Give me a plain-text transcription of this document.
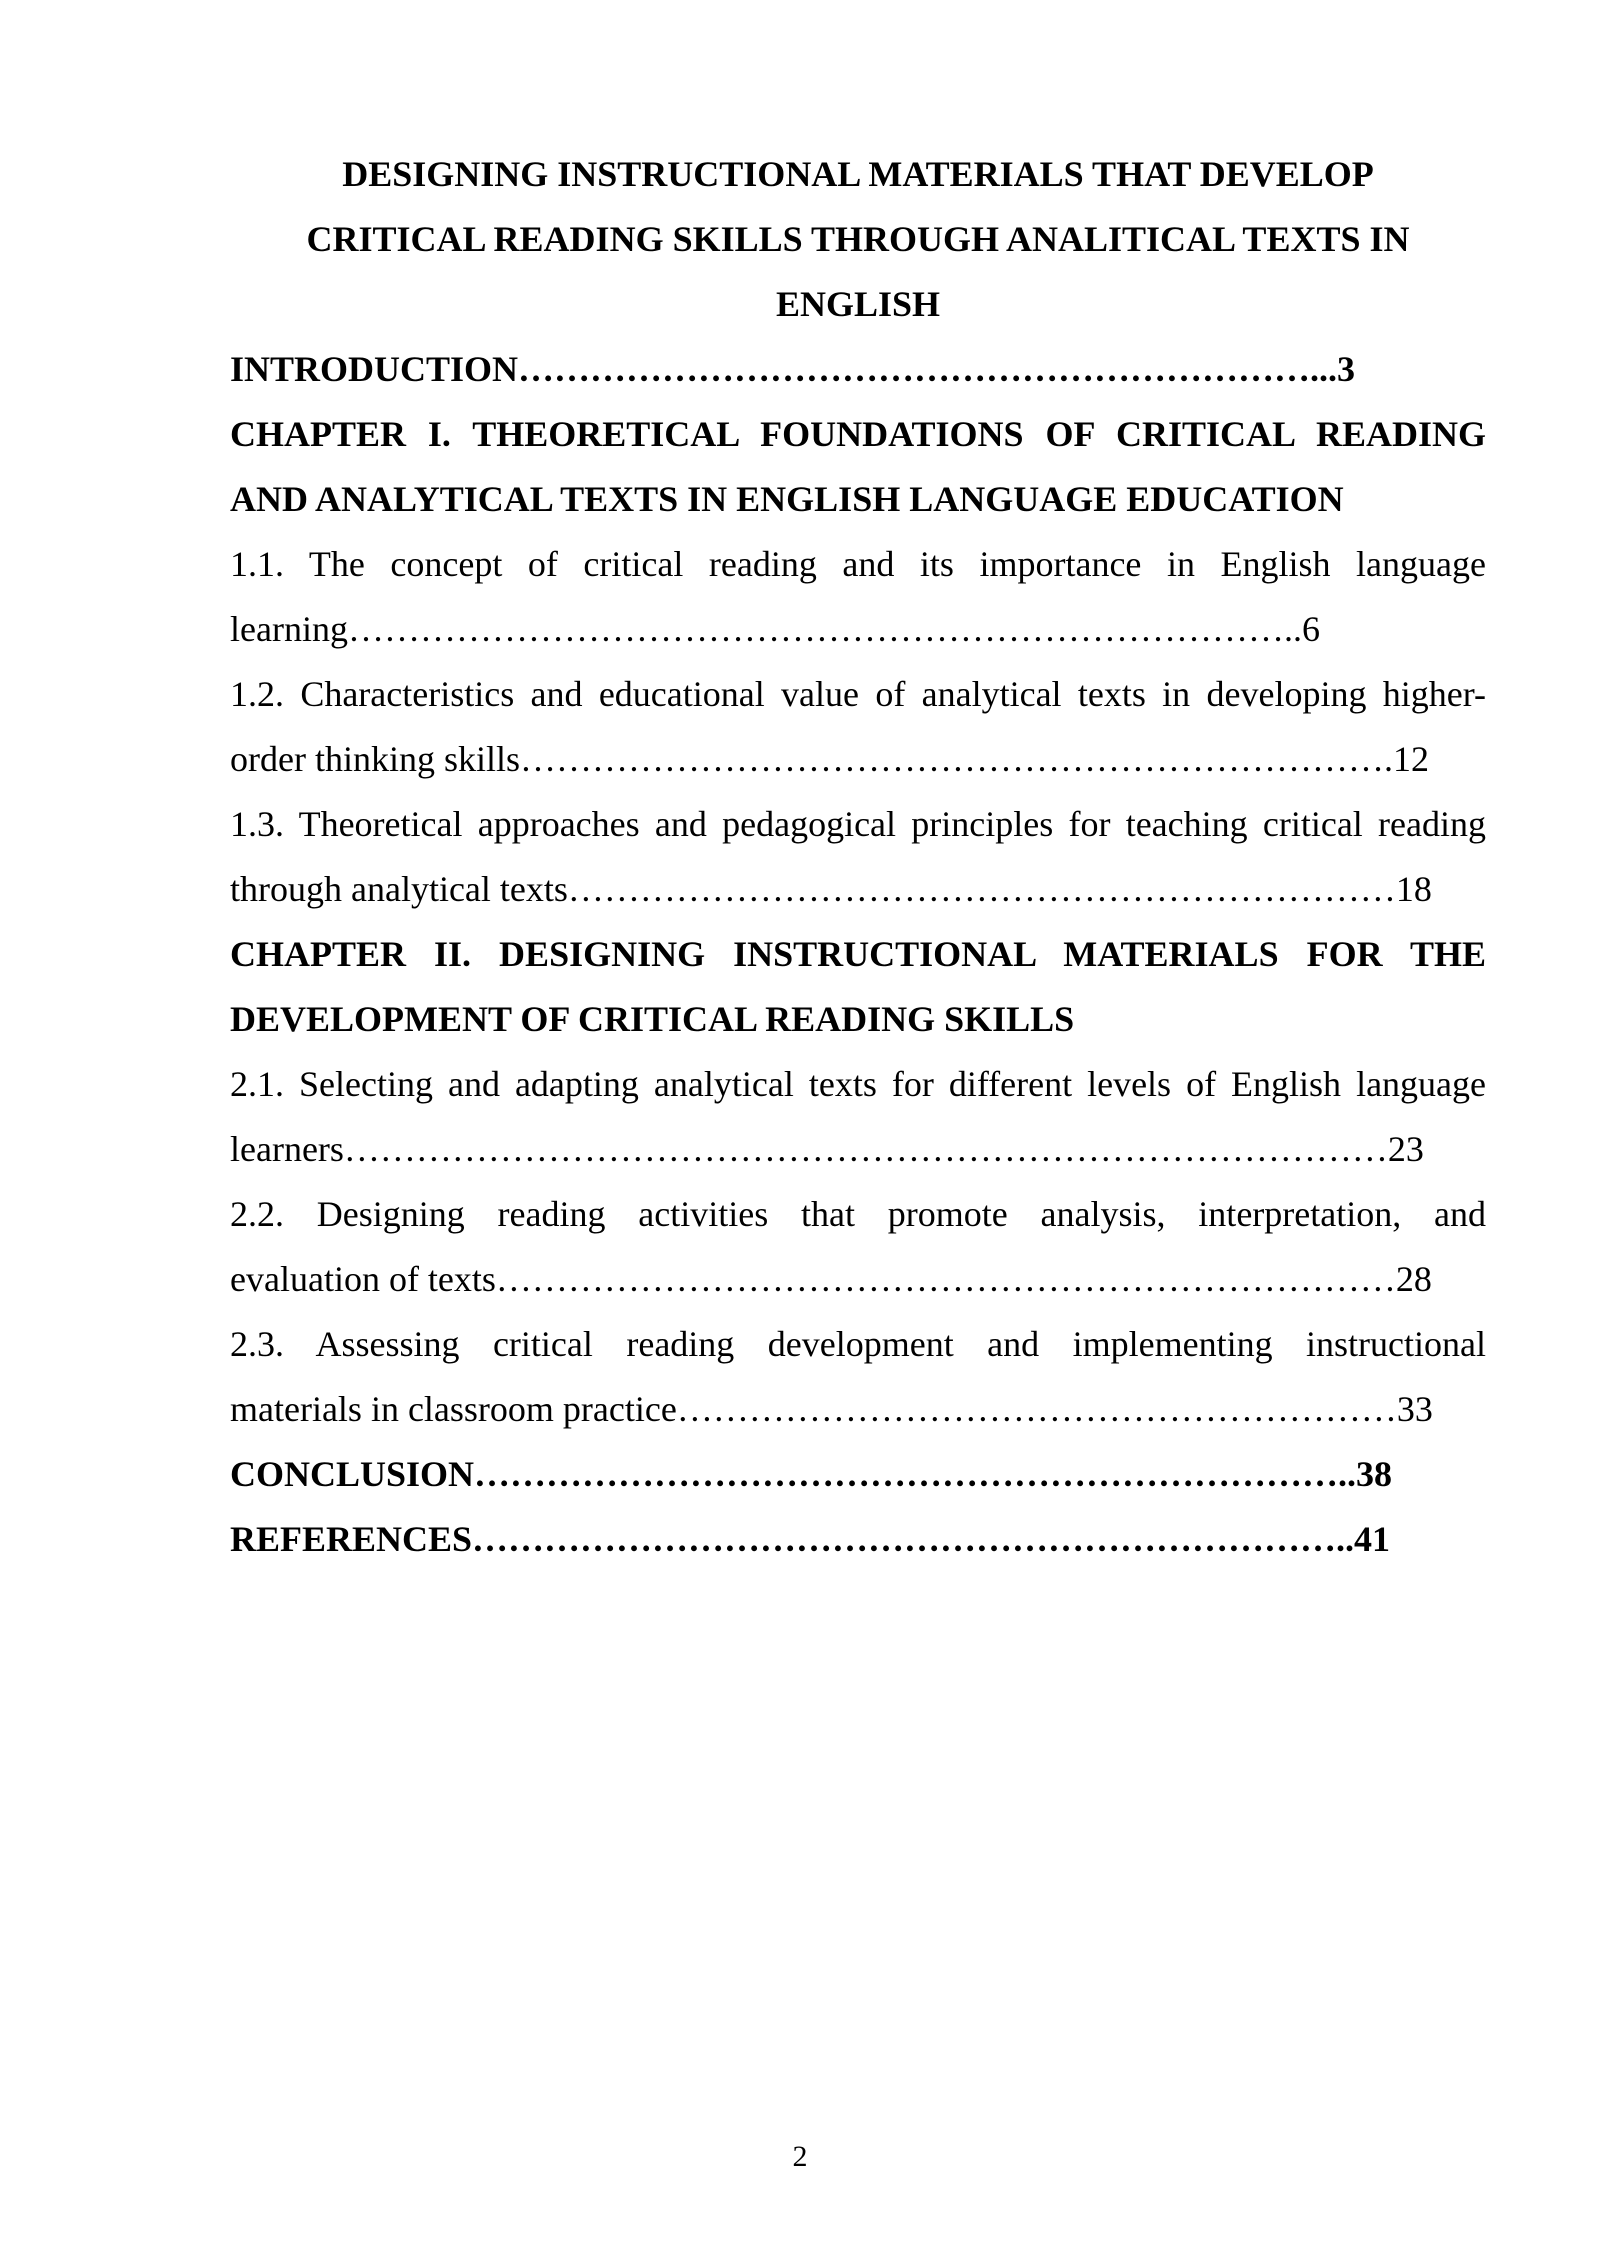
DESIGNING INSTRUCTIONAL MATERIALS THAT DEVELOP
CRITICAL READING SKILLS THROUGH ANALITICAL TEXTS IN
ENGLISH

INTRODUCTION…………………………………………………………...3

CHAPTER I. THEORETICAL FOUNDATIONS OF CRITICAL READING
AND ANALYTICAL TEXTS IN ENGLISH LANGUAGE EDUCATION

1.1. The concept of critical reading and its importance in English language
learning……………………………………………………………………..6

1.2. Characteristics and educational value of analytical texts in developing higher-
order thinking skills……………………………………………………………….12

1.3. Theoretical approaches and pedagogical principles for teaching critical reading
through analytical texts……………………………………………………………18

CHAPTER II. DESIGNING INSTRUCTIONAL MATERIALS FOR THE
DEVELOPMENT OF CRITICAL READING SKILLS

2.1. Selecting and adapting analytical texts for different levels of English language
learners……………………………………………………………………………23

2.2. Designing reading activities that promote analysis, interpretation, and
evaluation of texts…………………………………………………………………28

2.3. Assessing critical reading development and implementing instructional
materials in classroom practice……………………………………………………33

CONCLUSION………………………………………………………………..38

REFERENCES………………………………………………………………..41

2
